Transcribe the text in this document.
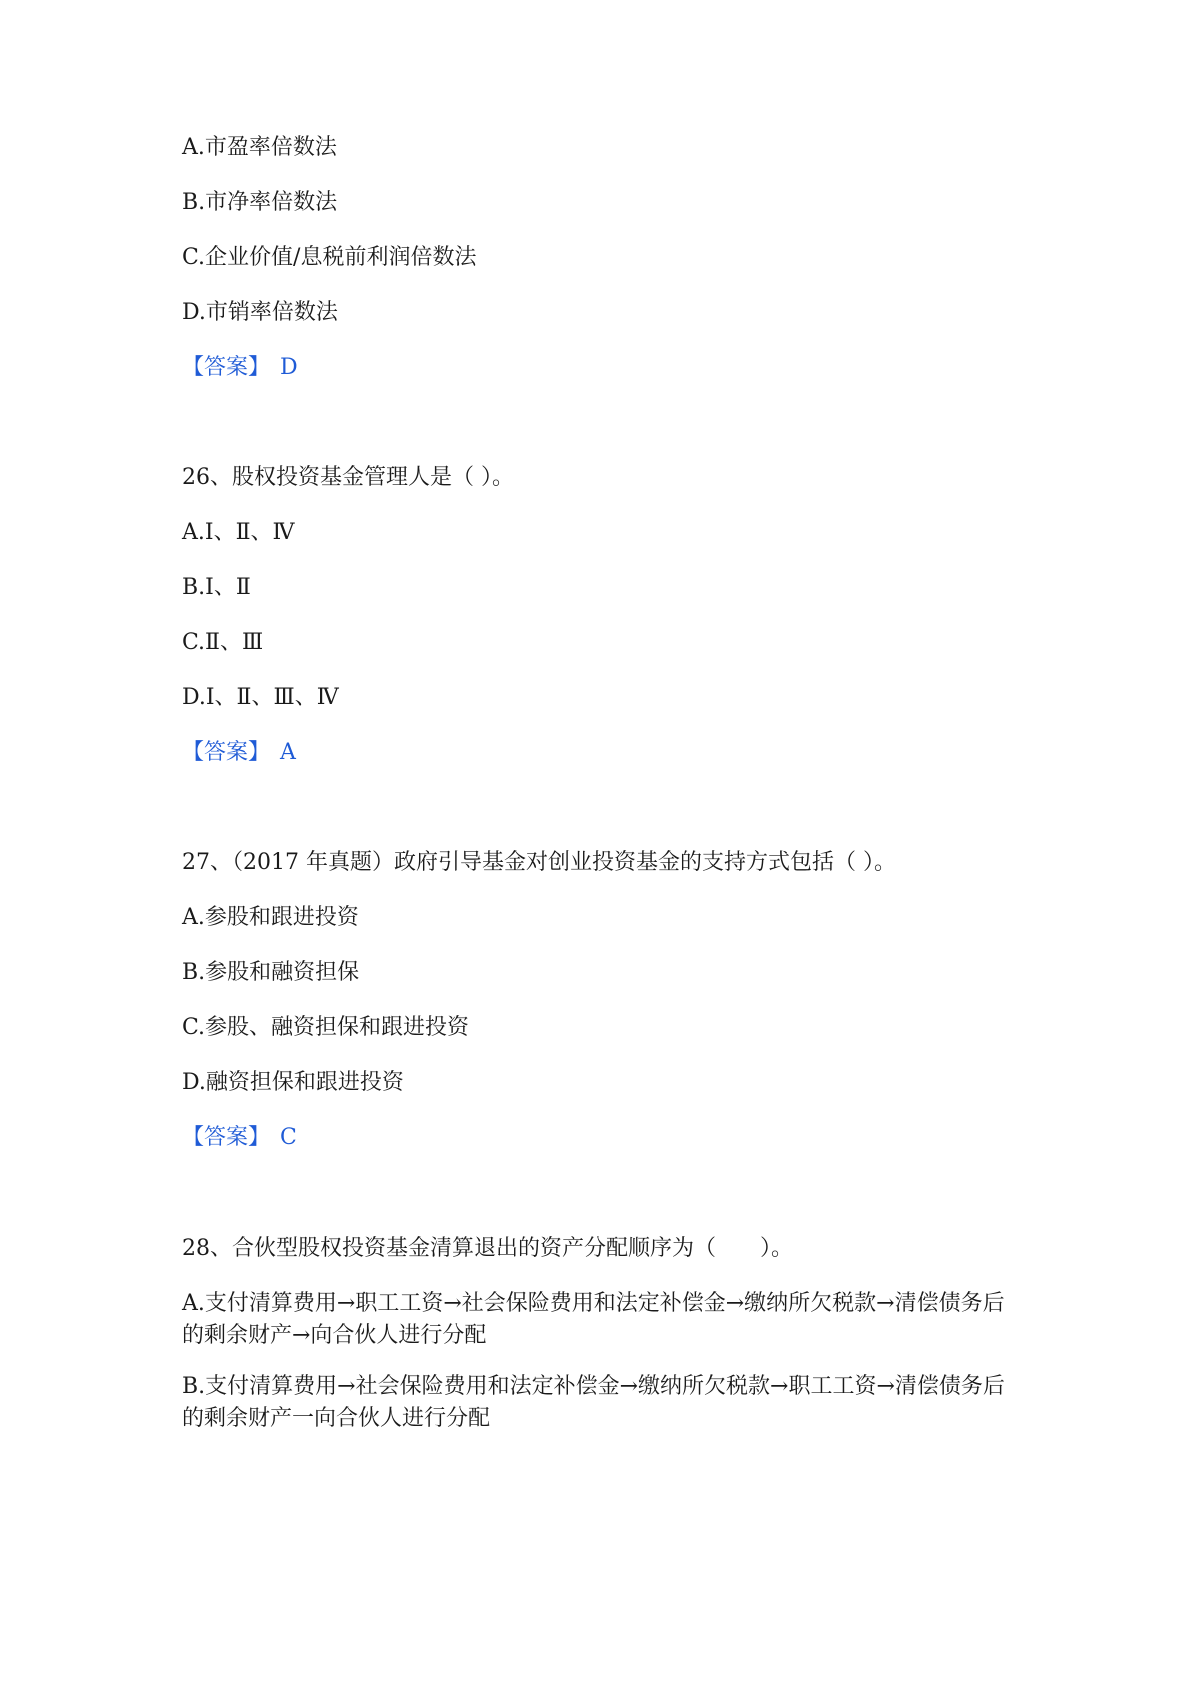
A.市盈率倍数法
B.市净率倍数法
C.企业价值/息税前利润倍数法
D.市销率倍数法
【答案】 D
26、股权投资基金管理人是（ ）。
A.Ⅰ、Ⅱ、Ⅳ
B.Ⅰ、Ⅱ
C.Ⅱ、Ⅲ
D.Ⅰ、Ⅱ、Ⅲ、Ⅳ
【答案】 A
27、（2017 年真题）政府引导基金对创业投资基金的支持方式包括（ ）。
A.参股和跟进投资
B.参股和融资担保
C.参股、融资担保和跟进投资
D.融资担保和跟进投资
【答案】 C
28、合伙型股权投资基金清算退出的资产分配顺序为（　　）。
A.支付清算费用→职工工资→社会保险费用和法定补偿金→缴纳所欠税款→清偿债务后的剩余财产→向合伙人进行分配
B.支付清算费用→社会保险费用和法定补偿金→缴纳所欠税款→职工工资→清偿债务后的剩余财产一向合伙人进行分配
